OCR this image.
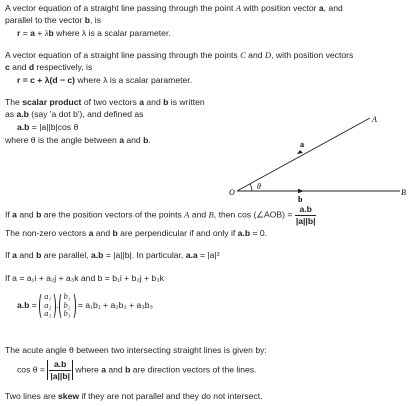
A vector equation of a straight line passing through the point A with position vector a, and
parallel to the vector b, is
r = a + λb where λ is a scalar parameter.
A vector equation of a straight line passing through the points C and D, with position vectors
c and d respectively, is
r = c + λ(d − c) where λ is a scalar parameter.
The scalar product of two vectors a and b is written
as a.b (say 'a dot b'), and defined as
a.b = |a||b|cos θ
where θ is the angle between a and b.
A
a
θ
O
b
B
If a and b are the position vectors of the points A and B, then cos (∠AOB) = $\frac{a.b}{|a||b|}$
The non-zero vectors a and b are perpendicular if and only if a.b = 0.
If a and b are parallel, a.b = |a||b|. In particular, a.a = |a|²
If a = a₁i + a₂j + a₃k and b = b₁i + b₂j + b₃k
a.b = a₁
a₂
a₃.b₁
b₂
b₃ = a₁b₁ + a₂b₂ + a₃b₃
The acute angle θ between two intersecting straight lines is given by:
$\cos \theta = \frac{a.b}{|a||b|}$ where a and b are direction vectors of the lines.
Two lines are skew if they are not parallel and they do not intersect.
